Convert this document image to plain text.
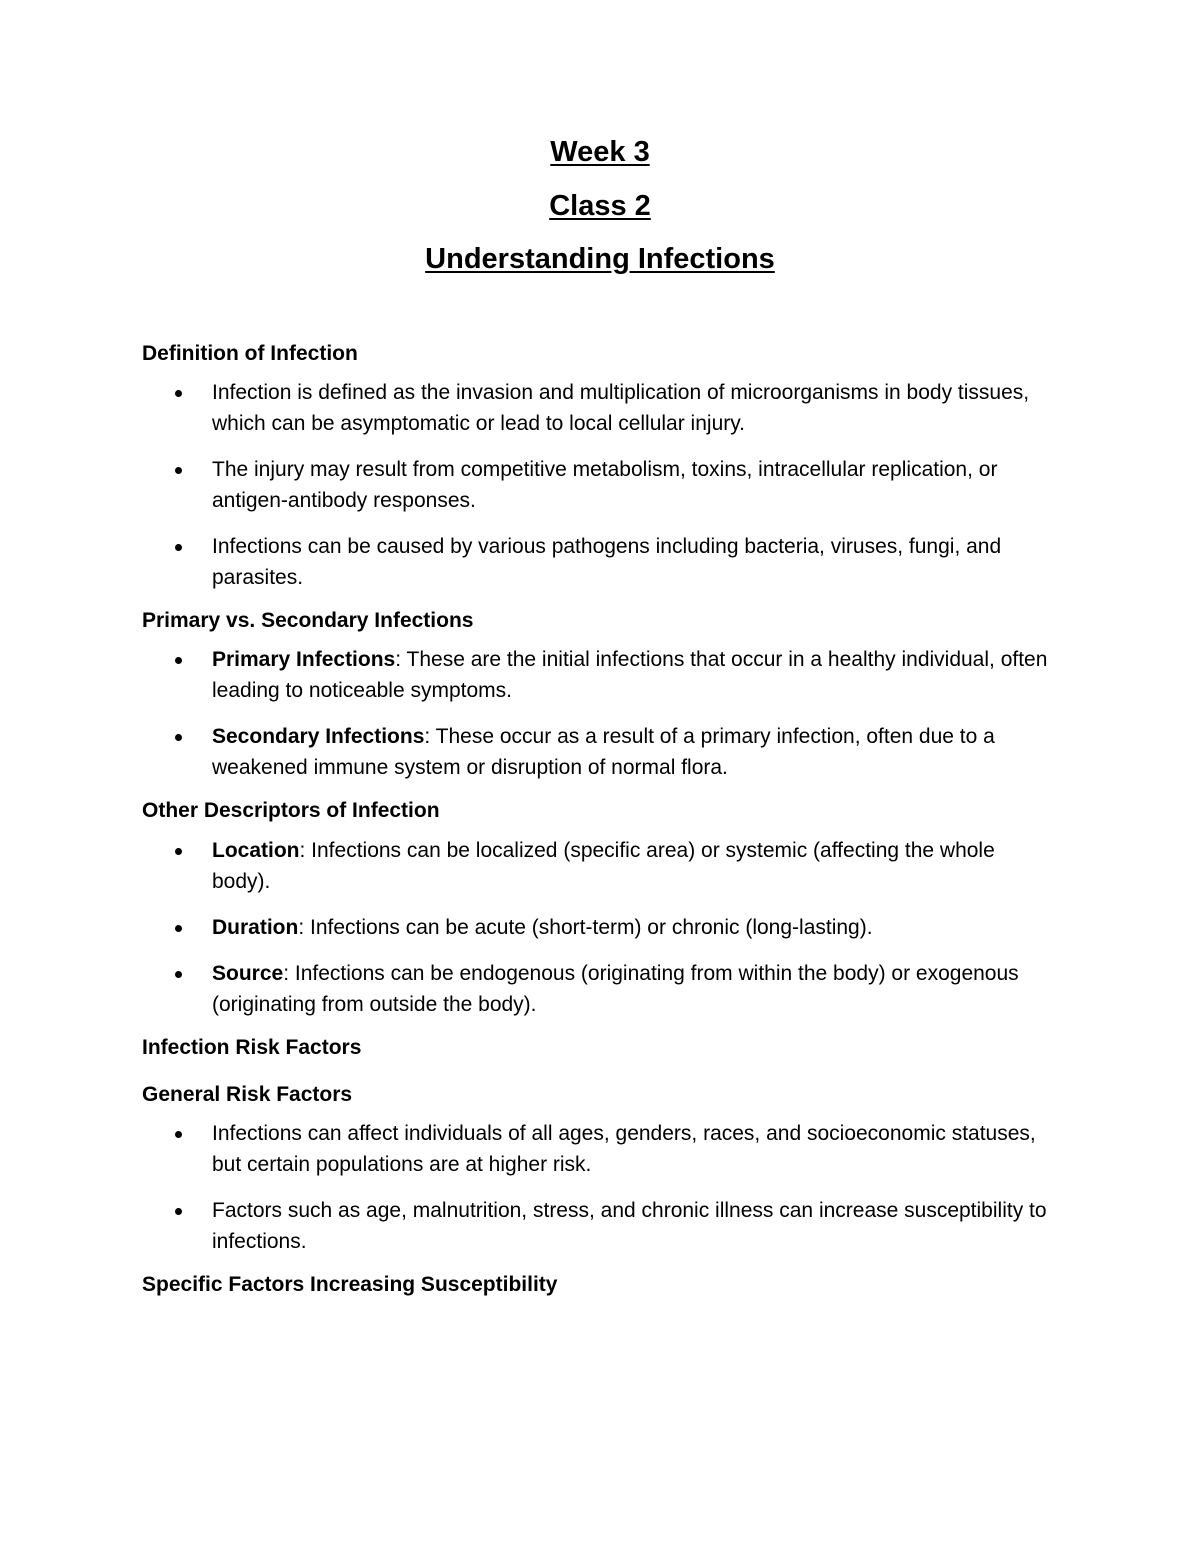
Week 3
Class 2
Understanding Infections

Definition of Infection

Infection is defined as the invasion and multiplication of microorganisms in body tissues, which can be asymptomatic or lead to local cellular injury.
The injury may result from competitive metabolism, toxins, intracellular replication, or antigen-antibody responses.
Infections can be caused by various pathogens including bacteria, viruses, fungi, and parasites.

Primary vs. Secondary Infections

Primary Infections: These are the initial infections that occur in a healthy individual, often leading to noticeable symptoms.
Secondary Infections: These occur as a result of a primary infection, often due to a weakened immune system or disruption of normal flora.

Other Descriptors of Infection

Location: Infections can be localized (specific area) or systemic (affecting the whole body).
Duration: Infections can be acute (short-term) or chronic (long-lasting).
Source: Infections can be endogenous (originating from within the body) or exogenous (originating from outside the body).

Infection Risk Factors

General Risk Factors

Infections can affect individuals of all ages, genders, races, and socioeconomic statuses, but certain populations are at higher risk.
Factors such as age, malnutrition, stress, and chronic illness can increase susceptibility to infections.

Specific Factors Increasing Susceptibility
